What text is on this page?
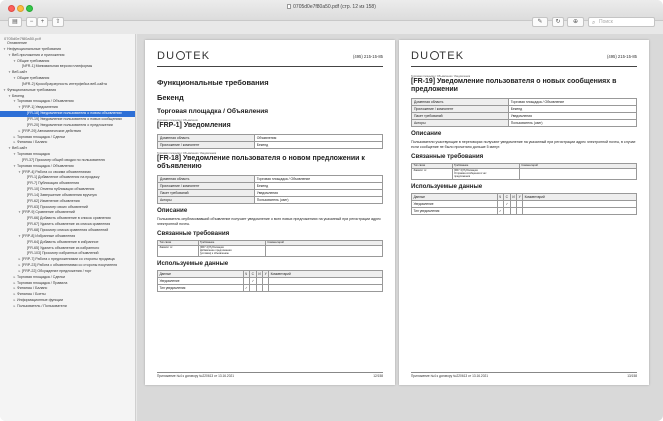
0705d0e7f80a50.pdf (стр. 12 из 158)
▤	−	+	⇧	✎	↻	⊕	⌕ Поиск
0705d0e7f80a50.pdf
Оглавление
▼Нефункциональные требования
▼Веб-приложения и приложения
▼Общие требования
[NFR-1] Минимальная версия платформы
▼Веб-сайт
▼Общие требования
[NFR-2] Кроссбраузерность интерфейса веб-сайта
▼Функциональные требования
▼Бекенд
▼Торговая площадка / Объявления
▼[FRP-1] Уведомления
[FR-18] Уведомление пользователя о новом объявлении
[FR-19] Уведомление пользователя о новых сообщениях
[FR-20] Уведомление пользователя о предложении
►[FRP-29] Автоматические действия
►Торговая площадка / Сделки
►Финансы / Баланс
▼Веб-сайт
▼Торговая площадка
[FR-37] Просмотр общей сводки по пользователю
▼Торговая площадка / Объявления
▼[FRP-4] Работа со своими объявлениями
[FR-1] Добавление объявления на продажу
[FR-7] Публикация объявления
[FR-10] Отмена публикации объявления
[FR-14] Завершение объявления вручную
[FR-62] Изменение объявления
[FR-63] Просмотр своих объявлений
▼[FRP-9] Сравнение объявлений
[FR-66] Добавить объявление в список сравнения
[FR-67] Удалить объявление из списка сравнения
[FR-68] Просмотр списка сравнения объявлений
▼[FRP-8] Избранные объявления
[FR-64] Добавить объявление в избранное
[FR-65] Удалить объявление из избранного
[FR-103] Просмотр избранных объявлений
►[FRP-7] Работа с предложениями со стороны продавца
►[FRP-23] Работа с объявлениями со стороны покупателя
►[FRP-22] Обсуждение предложения / торг
►Торговая площадка / Сделки
►Торговая площадка / Правила
►Финансы / Баланс
►Финансы / Боеты
►Информационные функции
►Пользователь / Пользователи
DU TEK	(495) 215-15-85
Функциональные требования
Бекенд
Торговая площадка / Объявления
Торговая площадка / Объявления
[FRP-1] Уведомления
Доменная область	Объявления
Приложение / компонент	Бекенд
Торговая площадка / Объявления / Уведомления
[FR-18] Уведомление пользователя о новом предложении к объявлению
Доменная область	Торговая площадка / Объявление
Приложение / компонент	Бекенд
Пакет требований	Уведомления
Акторы	Пользователь (user)
Описание
Пользователь опубликовавший объявление получает уведомление о всех новых предложениях на указанный при регистрации адрес электронной почты.
Связанные требования
Тип связи	Требование	Комментарий
Зависит от	[FR7.4] Публикация
Добавление предложения
[условие] к объявлению	
Используемые данные
Данные	Ч	С	И	У	Комментарий
Уведомление		✓			
Тип уведомления	✓				
Приложение №4 к договору №220613 от 13.16.2021	12/158
DU TEK	(495) 215-15-85
Торговая площадка / Объявления / Уведомления
[FR-19] Уведомление пользователя о новых сообщениях в предложении
Доменная область	Торговая площадка / Объявление
Приложение / компонент	Бекенд
Пакет требований	Уведомления
Акторы	Пользователь (user)
Описание
Пользователи участвующие в переговорах получают уведомление на указанный при регистрации адрес электронной почты, в случае если сообщение не было прочитано дольше 5 минут.
Связанные требования
Тип связи	Требование	Комментарий
Зависит от	[FR7.3] Публикация
Отправка сообщения в чат
предложения	
Используемые данные
Данные	Ч	С	И	У	Комментарий
Уведомление		✓			
Тип уведомления	✓				
Приложение №4 к договору №220613 от 13.16.2021	13/158
